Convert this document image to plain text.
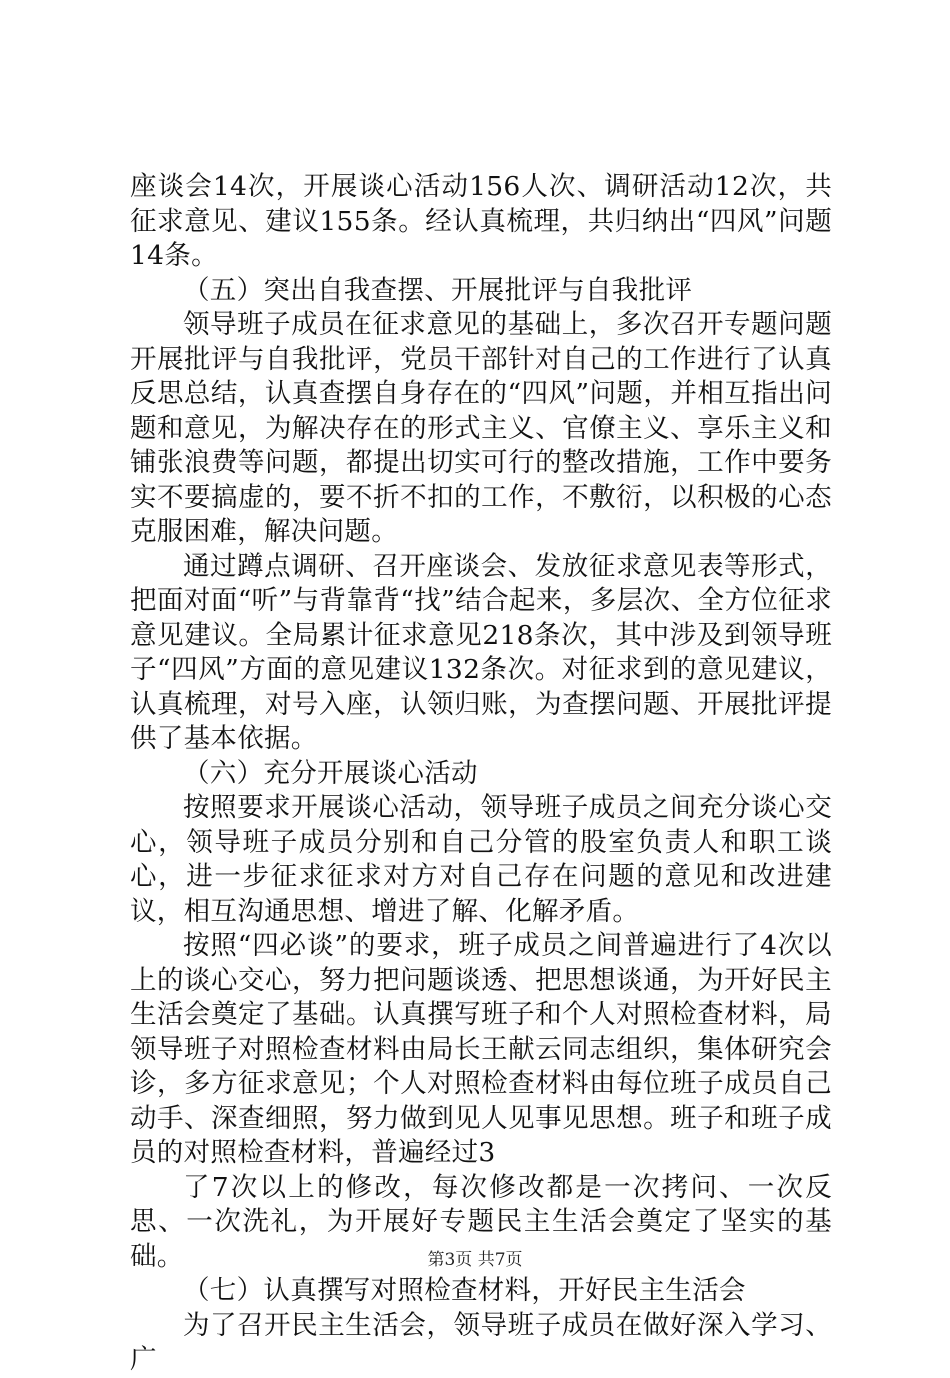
座谈会14次，开展谈心活动156人次、调研活动12次，共征求意见、建议155条。经认真梳理，共归纳出“四风”问题14条。

（五）突出自我查摆、开展批评与自我批评

领导班子成员在征求意见的基础上，多次召开专题问题开展批评与自我批评，党员干部针对自己的工作进行了认真反思总结，认真查摆自身存在的“四风”问题，并相互指出问题和意见，为解决存在的形式主义、官僚主义、享乐主义和铺张浪费等问题，都提出切实可行的整改措施，工作中要务实不要搞虚的，要不折不扣的工作，不敷衍，以积极的心态克服困难，解决问题。

通过蹲点调研、召开座谈会、发放征求意见表等形式，把面对面“听”与背靠背“找”结合起来，多层次、全方位征求意见建议。全局累计征求意见218条次，其中涉及到领导班子“四风”方面的意见建议132条次。对征求到的意见建议，认真梳理，对号入座，认领归账，为查摆问题、开展批评提供了基本依据。

（六）充分开展谈心活动

按照要求开展谈心活动，领导班子成员之间充分谈心交心，领导班子成员分别和自己分管的股室负责人和职工谈心，进一步征求征求对方对自己存在问题的意见和改进建议，相互沟通思想、增进了解、化解矛盾。

按照“四必谈”的要求，班子成员之间普遍进行了4次以上的谈心交心，努力把问题谈透、把思想谈通，为开好民主生活会奠定了基础。认真撰写班子和个人对照检查材料，局领导班子对照检查材料由局长王献云同志组织，集体研究会诊，多方征求意见；个人对照检查材料由每位班子成员自己动手、深查细照，努力做到见人见事见思想。班子和班子成员的对照检查材料，普遍经过3

了7次以上的修改，每次修改都是一次拷问、一次反思、一次洗礼，为开展好专题民主生活会奠定了坚实的基础。

（七）认真撰写对照检查材料，开好民主生活会

为了召开民主生活会，领导班子成员在做好深入学习、广

第3页 共7页
